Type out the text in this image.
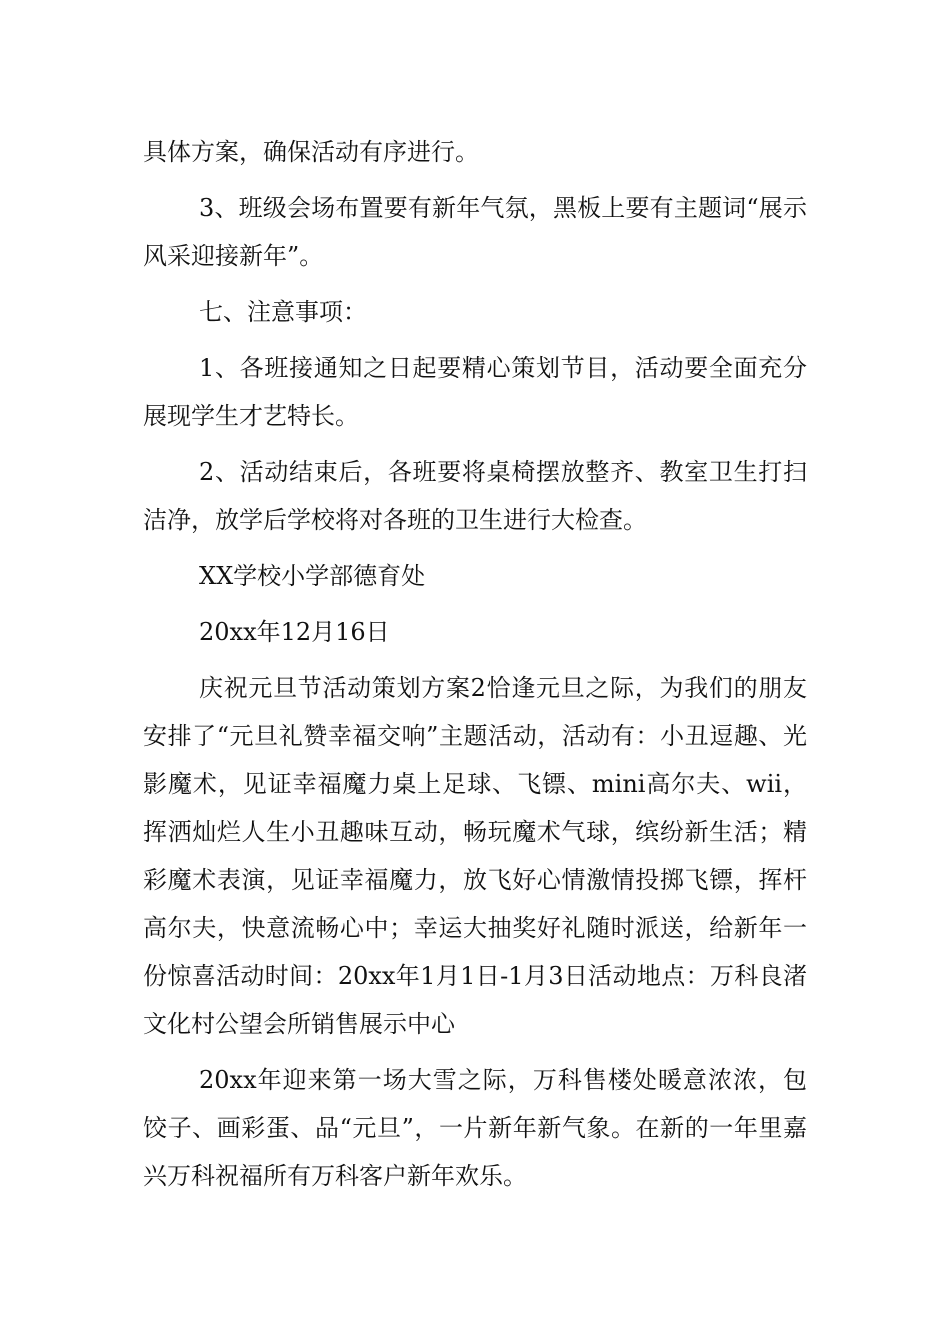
具体方案，确保活动有序进行。

3、班级会场布置要有新年气氛，黑板上要有主题词“展示风采迎接新年”。

七、注意事项：

1、各班接通知之日起要精心策划节目，活动要全面充分展现学生才艺特长。

2、活动结束后，各班要将桌椅摆放整齐、教室卫生打扫洁净，放学后学校将对各班的卫生进行大检查。

XX学校小学部德育处

20xx年12月16日

庆祝元旦节活动策划方案2恰逢元旦之际，为我们的朋友安排了“元旦礼赞幸福交响”主题活动，活动有：小丑逗趣、光影魔术，见证幸福魔力桌上足球、飞镖、mini高尔夫、wii，挥洒灿烂人生小丑趣味互动，畅玩魔术气球，缤纷新生活；精彩魔术表演，见证幸福魔力，放飞好心情激情投掷飞镖，挥杆高尔夫，快意流畅心中；幸运大抽奖好礼随时派送，给新年一份惊喜活动时间：20xx年1月1日-1月3日活动地点：万科良渚文化村公望会所销售展示中心

20xx年迎来第一场大雪之际，万科售楼处暖意浓浓，包饺子、画彩蛋、品“元旦”，一片新年新气象。在新的一年里嘉兴万科祝福所有万科客户新年欢乐。
